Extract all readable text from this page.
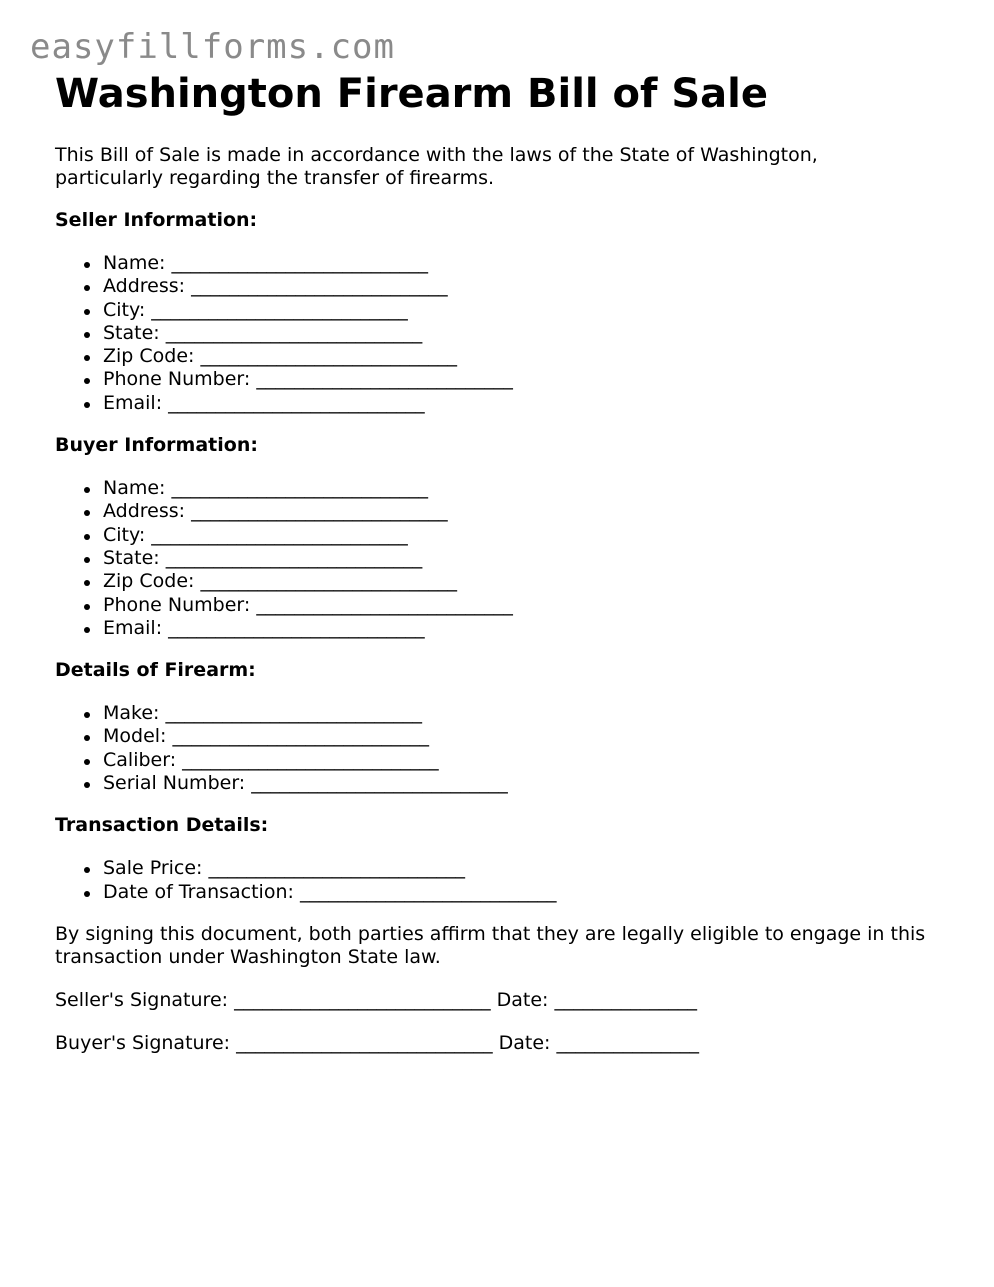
easyfillforms.com
Washington Firearm Bill of Sale

This Bill of Sale is made in accordance with the laws of the State of Washington,
particularly regarding the transfer of firearms.

Seller Information:
Name: ___________________________
Address: ___________________________
City: ___________________________
State: ___________________________
Zip Code: ___________________________
Phone Number: ___________________________
Email: ___________________________
Buyer Information:
Name: ___________________________
Address: ___________________________
City: ___________________________
State: ___________________________
Zip Code: ___________________________
Phone Number: ___________________________
Email: ___________________________
Details of Firearm:
Make: ___________________________
Model: ___________________________
Caliber: ___________________________
Serial Number: ___________________________
Transaction Details:
Sale Price: ___________________________
Date of Transaction: ___________________________

By signing this document, both parties affirm that they are legally eligible to engage in this
transaction under Washington State law.

Seller's Signature: ___________________________ Date: _______________
Buyer's Signature: ___________________________ Date: _______________
